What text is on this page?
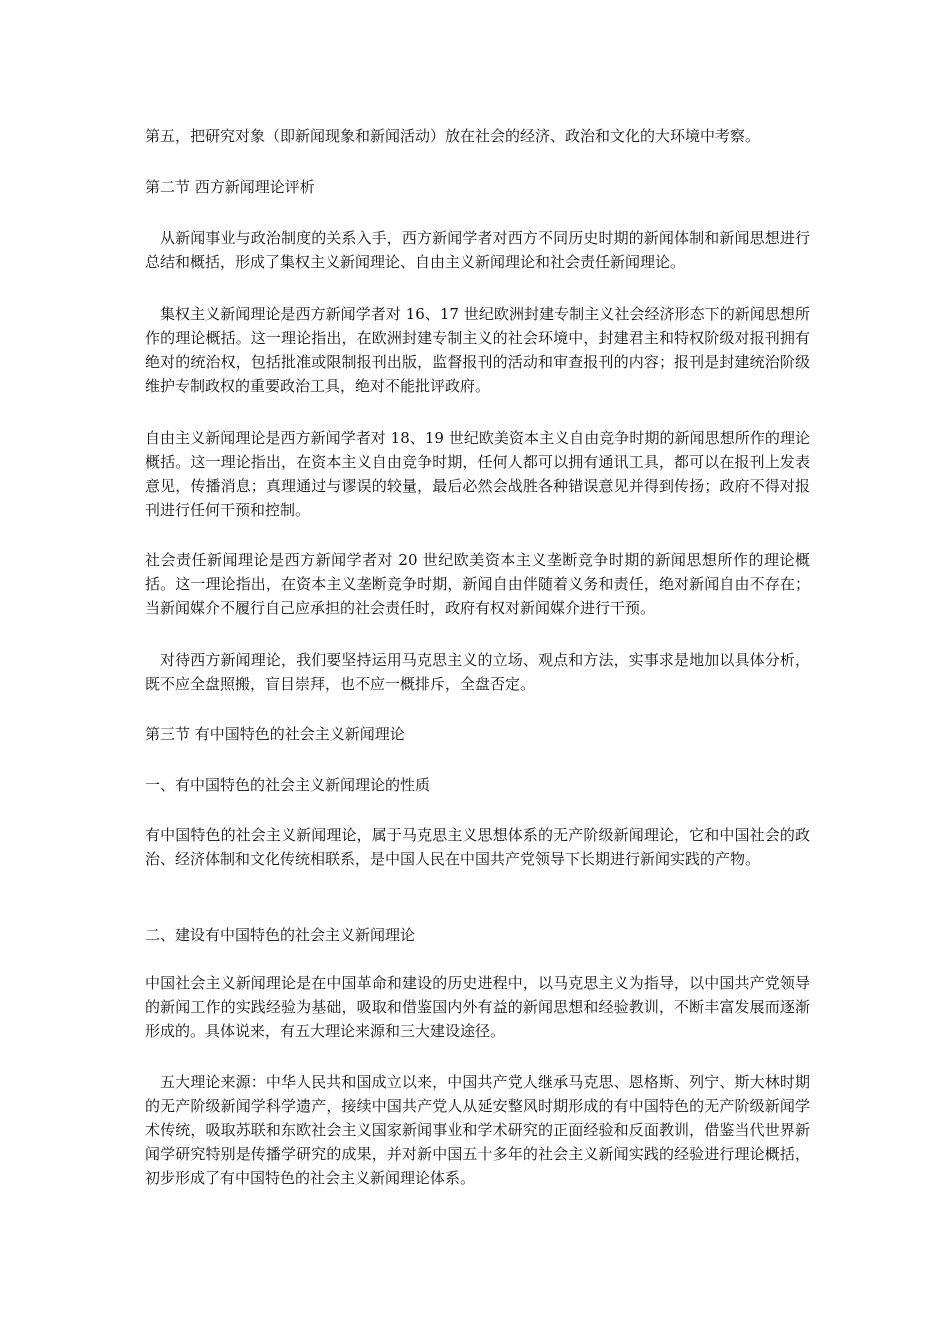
第五，把研究对象（即新闻现象和新闻活动）放在社会的经济、政治和文化的大环境中考察。

第二节 西方新闻理论评析

从新闻事业与政治制度的关系入手，西方新闻学者对西方不同历史时期的新闻体制和新闻思想进行总结和概括，形成了集权主义新闻理论、自由主义新闻理论和社会责任新闻理论。

集权主义新闻理论是西方新闻学者对 16、17 世纪欧洲封建专制主义社会经济形态下的新闻思想所作的理论概括。这一理论指出，在欧洲封建专制主义的社会环境中，封建君主和特权阶级对报刊拥有绝对的统治权，包括批准或限制报刊出版，监督报刊的活动和审查报刊的内容；报刊是封建统治阶级维护专制政权的重要政治工具，绝对不能批评政府。

自由主义新闻理论是西方新闻学者对 18、19 世纪欧美资本主义自由竞争时期的新闻思想所作的理论概括。这一理论指出，在资本主义自由竞争时期，任何人都可以拥有通讯工具，都可以在报刊上发表意见，传播消息；真理通过与谬误的较量，最后必然会战胜各种错误意见并得到传扬；政府不得对报刊进行任何干预和控制。

社会责任新闻理论是西方新闻学者对 20 世纪欧美资本主义垄断竞争时期的新闻思想所作的理论概括。这一理论指出，在资本主义垄断竞争时期，新闻自由伴随着义务和责任，绝对新闻自由不存在；当新闻媒介不履行自己应承担的社会责任时，政府有权对新闻媒介进行干预。

对待西方新闻理论，我们要坚持运用马克思主义的立场、观点和方法，实事求是地加以具体分析，既不应全盘照搬，盲目崇拜，也不应一概排斥，全盘否定。

第三节 有中国特色的社会主义新闻理论

一、有中国特色的社会主义新闻理论的性质

有中国特色的社会主义新闻理论，属于马克思主义思想体系的无产阶级新闻理论，它和中国社会的政治、经济体制和文化传统相联系，是中国人民在中国共产党领导下长期进行新闻实践的产物。

二、建设有中国特色的社会主义新闻理论

中国社会主义新闻理论是在中国革命和建设的历史进程中，以马克思主义为指导，以中国共产党领导的新闻工作的实践经验为基础，吸取和借鉴国内外有益的新闻思想和经验教训，不断丰富发展而逐渐形成的。具体说来，有五大理论来源和三大建设途径。

五大理论来源：中华人民共和国成立以来，中国共产党人继承马克思、恩格斯、列宁、斯大林时期的无产阶级新闻学科学遗产，接续中国共产党人从延安整风时期形成的有中国特色的无产阶级新闻学术传统，吸取苏联和东欧社会主义国家新闻事业和学术研究的正面经验和反面教训，借鉴当代世界新闻学研究特别是传播学研究的成果，并对新中国五十多年的社会主义新闻实践的经验进行理论概括，初步形成了有中国特色的社会主义新闻理论体系。
